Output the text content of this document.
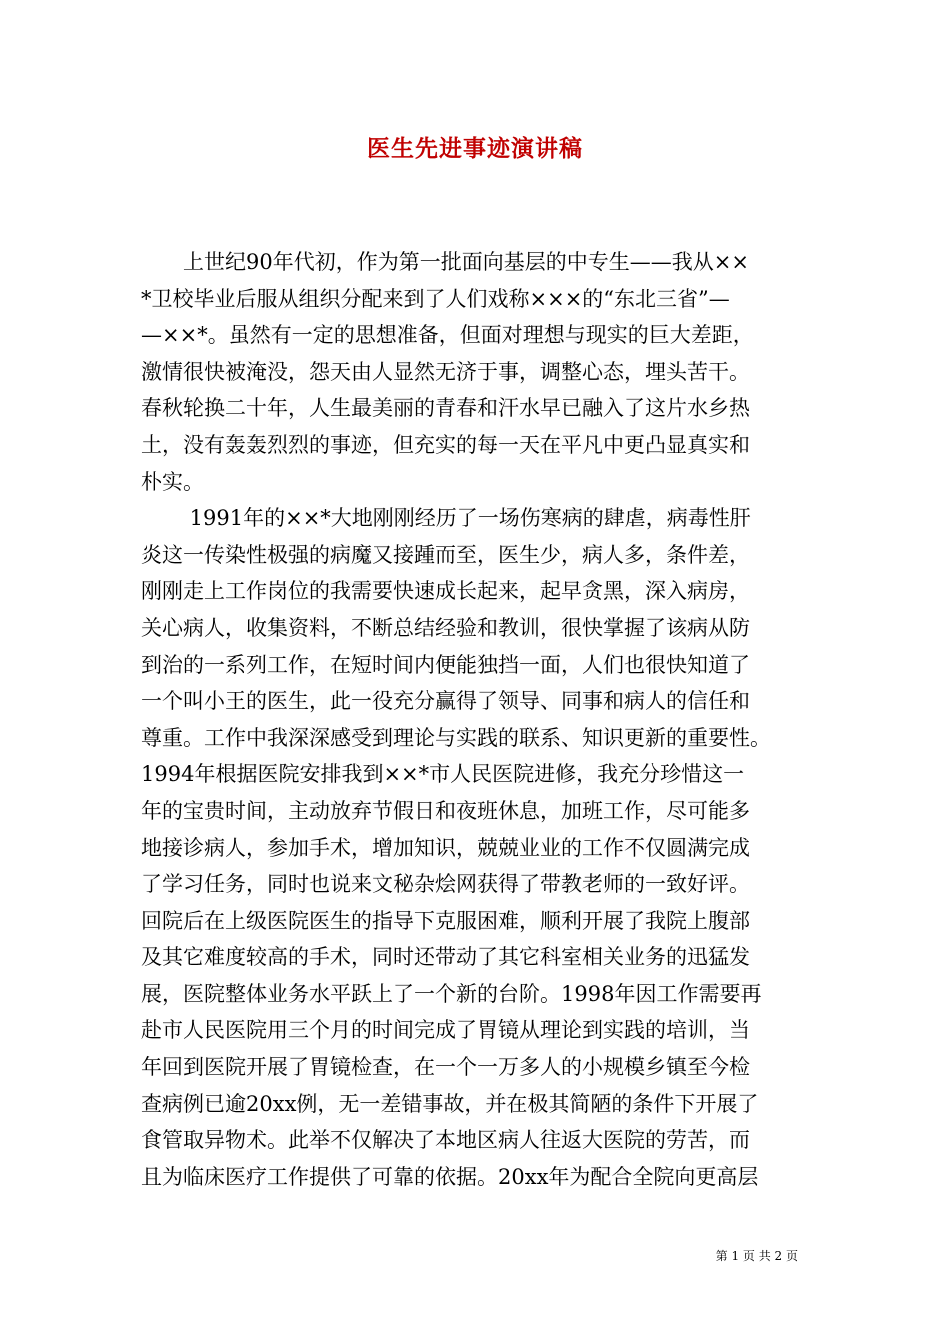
医生先进事迹演讲稿
　　上世纪90年代初，作为第一批面向基层的中专生——我从××
*卫校毕业后服从组织分配来到了人们戏称×××的“东北三省”—
—××*。虽然有一定的思想准备，但面对理想与现实的巨大差距，
激情很快被淹没，怨天由人显然无济于事，调整心态，埋头苦干。
春秋轮换二十年，人生最美丽的青春和汗水早已融入了这片水乡热
土，没有轰轰烈烈的事迹，但充实的每一天在平凡中更凸显真实和
朴实。
　　 1991年的××*大地刚刚经历了一场伤寒病的肆虐，病毒性肝
炎这一传染性极强的病魔又接踵而至，医生少，病人多，条件差，
刚刚走上工作岗位的我需要快速成长起来，起早贪黑，深入病房，
关心病人，收集资料，不断总结经验和教训，很快掌握了该病从防
到治的一系列工作，在短时间内便能独挡一面，人们也很快知道了
一个叫小王的医生，此一役充分赢得了领导、同事和病人的信任和
尊重。工作中我深深感受到理论与实践的联系、知识更新的重要性。
1994年根据医院安排我到××*市人民医院进修，我充分珍惜这一
年的宝贵时间，主动放弃节假日和夜班休息，加班工作，尽可能多
地接诊病人，参加手术，增加知识，兢兢业业的工作不仅圆满完成
了学习任务，同时也说来文秘杂烩网获得了带教老师的一致好评。
回院后在上级医院医生的指导下克服困难，顺利开展了我院上腹部
及其它难度较高的手术，同时还带动了其它科室相关业务的迅猛发
展，医院整体业务水平跃上了一个新的台阶。1998年因工作需要再
赴市人民医院用三个月的时间完成了胃镜从理论到实践的培训，当
年回到医院开展了胃镜检查，在一个一万多人的小规模乡镇至今检
查病例已逾20xx例，无一差错事故，并在极其简陋的条件下开展了
食管取异物术。此举不仅解决了本地区病人往返大医院的劳苦，而
且为临床医疗工作提供了可靠的依据。20xx年为配合全院向更高层
第 1 页 共 2 页
